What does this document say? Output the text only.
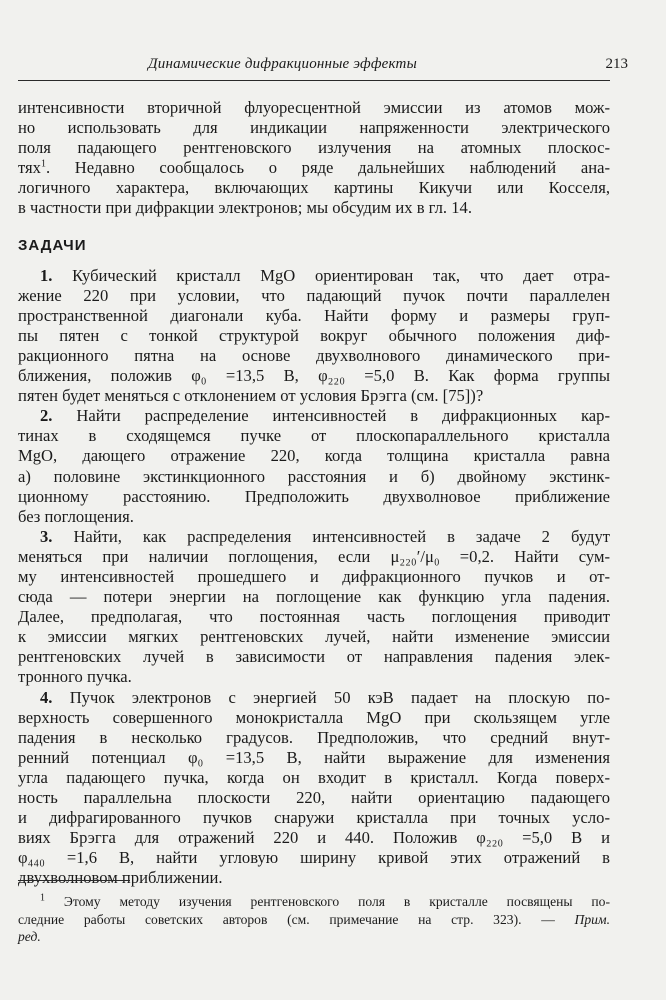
Динамические дифракционные эффекты	213
интенсивности вторичной флуоресцентной эмиссии из атомов мож-
но использовать для индикации напряженности электрического
поля падающего рентгеновского излучения на атомных плоскос-
тях$^1$. Недавно сообщалось о ряде дальнейших наблюдений ана-
логичного характера, включающих картины Кикучи или Косселя,
в частности при дифракции электронов; мы обсудим их в гл. 14.
ЗАДАЧИ
1. Кубический кристалл MgO ориентирован так, что дает отра-
жение 220 при условии, что падающий пучок почти параллелен
пространственной диагонали куба. Найти форму и размеры груп-
пы пятен с тонкой структурой вокруг обычного положения диф-
ракционного пятна на основе двухволнового динамического при-
ближения, положив φ₀ =13,5 В, φ₂₂₀ =5,0 В. Как форма группы
пятен будет меняться с отклонением от условия Брэгга (см. [75])?
2. Найти распределение интенсивностей в дифракционных кар-
тинах в сходящемся пучке от плоскопараллельного кристалла
MgO, дающего отражение 220, когда толщина кристалла равна
а) половине экстинкционного расстояния и б) двойному экстинк-
ционному расстоянию. Предположить двухволновое приближение
без поглощения.
3. Найти, как распределения интенсивностей в задаче 2 будут
меняться при наличии поглощения, если μ₂₂₀′/μ₀ =0,2. Найти сум-
му интенсивностей прошедшего и дифракционного пучков и от-
сюда — потери энергии на поглощение как функцию угла падения.
Далее, предполагая, что постоянная часть поглощения приводит
к эмиссии мягких рентгеновских лучей, найти изменение эмиссии
рентгеновских лучей в зависимости от направления падения элек-
тронного пучка.
4. Пучок электронов с энергией 50 кэВ падает на плоскую по-
верхность совершенного монокристалла MgO при скользящем угле
падения в несколько градусов. Предположив, что средний внут-
ренний потенциал φ₀ =13,5 В, найти выражение для изменения
угла падающего пучка, когда он входит в кристалл. Когда поверх-
ность параллельна плоскости 220, найти ориентацию падающего
и дифрагированного пучков снаружи кристалла при точных усло-
виях Брэгга для отражений 220 и 440. Положив φ₂₂₀ =5,0 В и
φ₄₄₀ =1,6 В, найти угловую ширину кривой этих отражений в
двухволновом приближении.
$^1$ Этому методу изучения рентгеновского поля в кристалле посвящены по-
следние работы советских авторов (см. примечание на стр. 323). — Прим.
ред.
